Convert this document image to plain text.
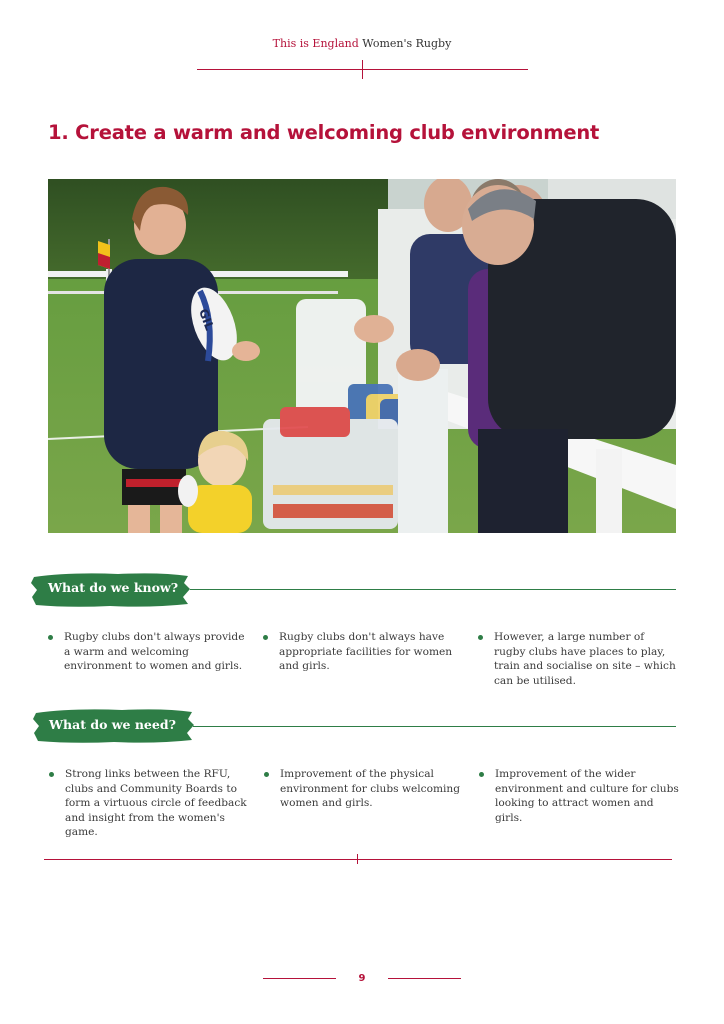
This is England Women's Rugby
1. Create a warm and welcoming club environment
GIL
What do we know?
Rugby clubs don't always provide a warm and welcoming environment to women and girls.
Rugby clubs don't always have appropriate facilities for women and girls.
However, a large number of rugby clubs have places to play, train and socialise on site – which can be utilised.
What do we need?
Strong links between the RFU, clubs and Community Boards to form a virtuous circle of feedback and insight from the women's game.
Improvement of the physical environment for clubs welcoming women and girls.
Improvement of the wider environment and culture for clubs looking to attract women and girls.
9
